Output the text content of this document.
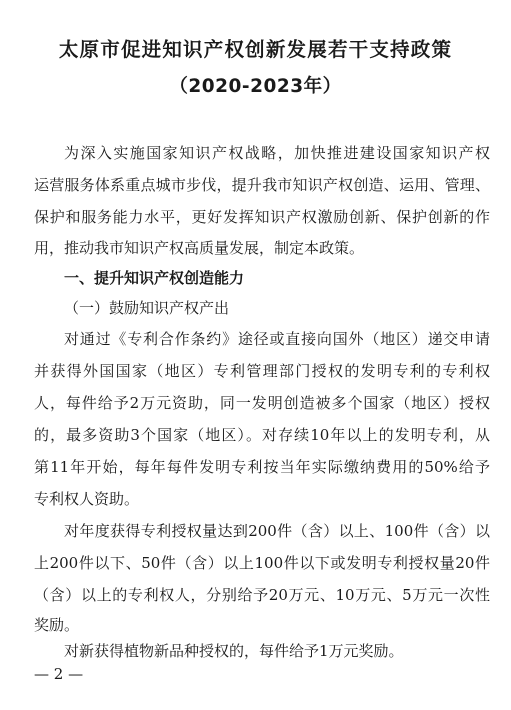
太原市促进知识产权创新发展若干支持政策
（2020-2023年）
为深入实施国家知识产权战略，加快推进建设国家知识产权
运营服务体系重点城市步伐，提升我市知识产权创造、运用、管理、
保护和服务能力水平，更好发挥知识产权激励创新、保护创新的作
用，推动我市知识产权高质量发展，制定本政策。
一、提升知识产权创造能力
（一）鼓励知识产权产出
对通过《专利合作条约》途径或直接向国外（地区）递交申请
并获得外国国家（地区）专利管理部门授权的发明专利的专利权
人，每件给予2万元资助，同一发明创造被多个国家（地区）授权
的，最多资助3个国家（地区）。对存续10年以上的发明专利，从
第11年开始，每年每件发明专利按当年实际缴纳费用的50%给予
专利权人资助。
对年度获得专利授权量达到200件（含）以上、100件（含）以
上200件以下、50件（含）以上100件以下或发明专利授权量20件
（含）以上的专利权人，分别给予20万元、10万元、5万元一次性
奖励。
对新获得植物新品种授权的，每件给予1万元奖励。
— 2 —
